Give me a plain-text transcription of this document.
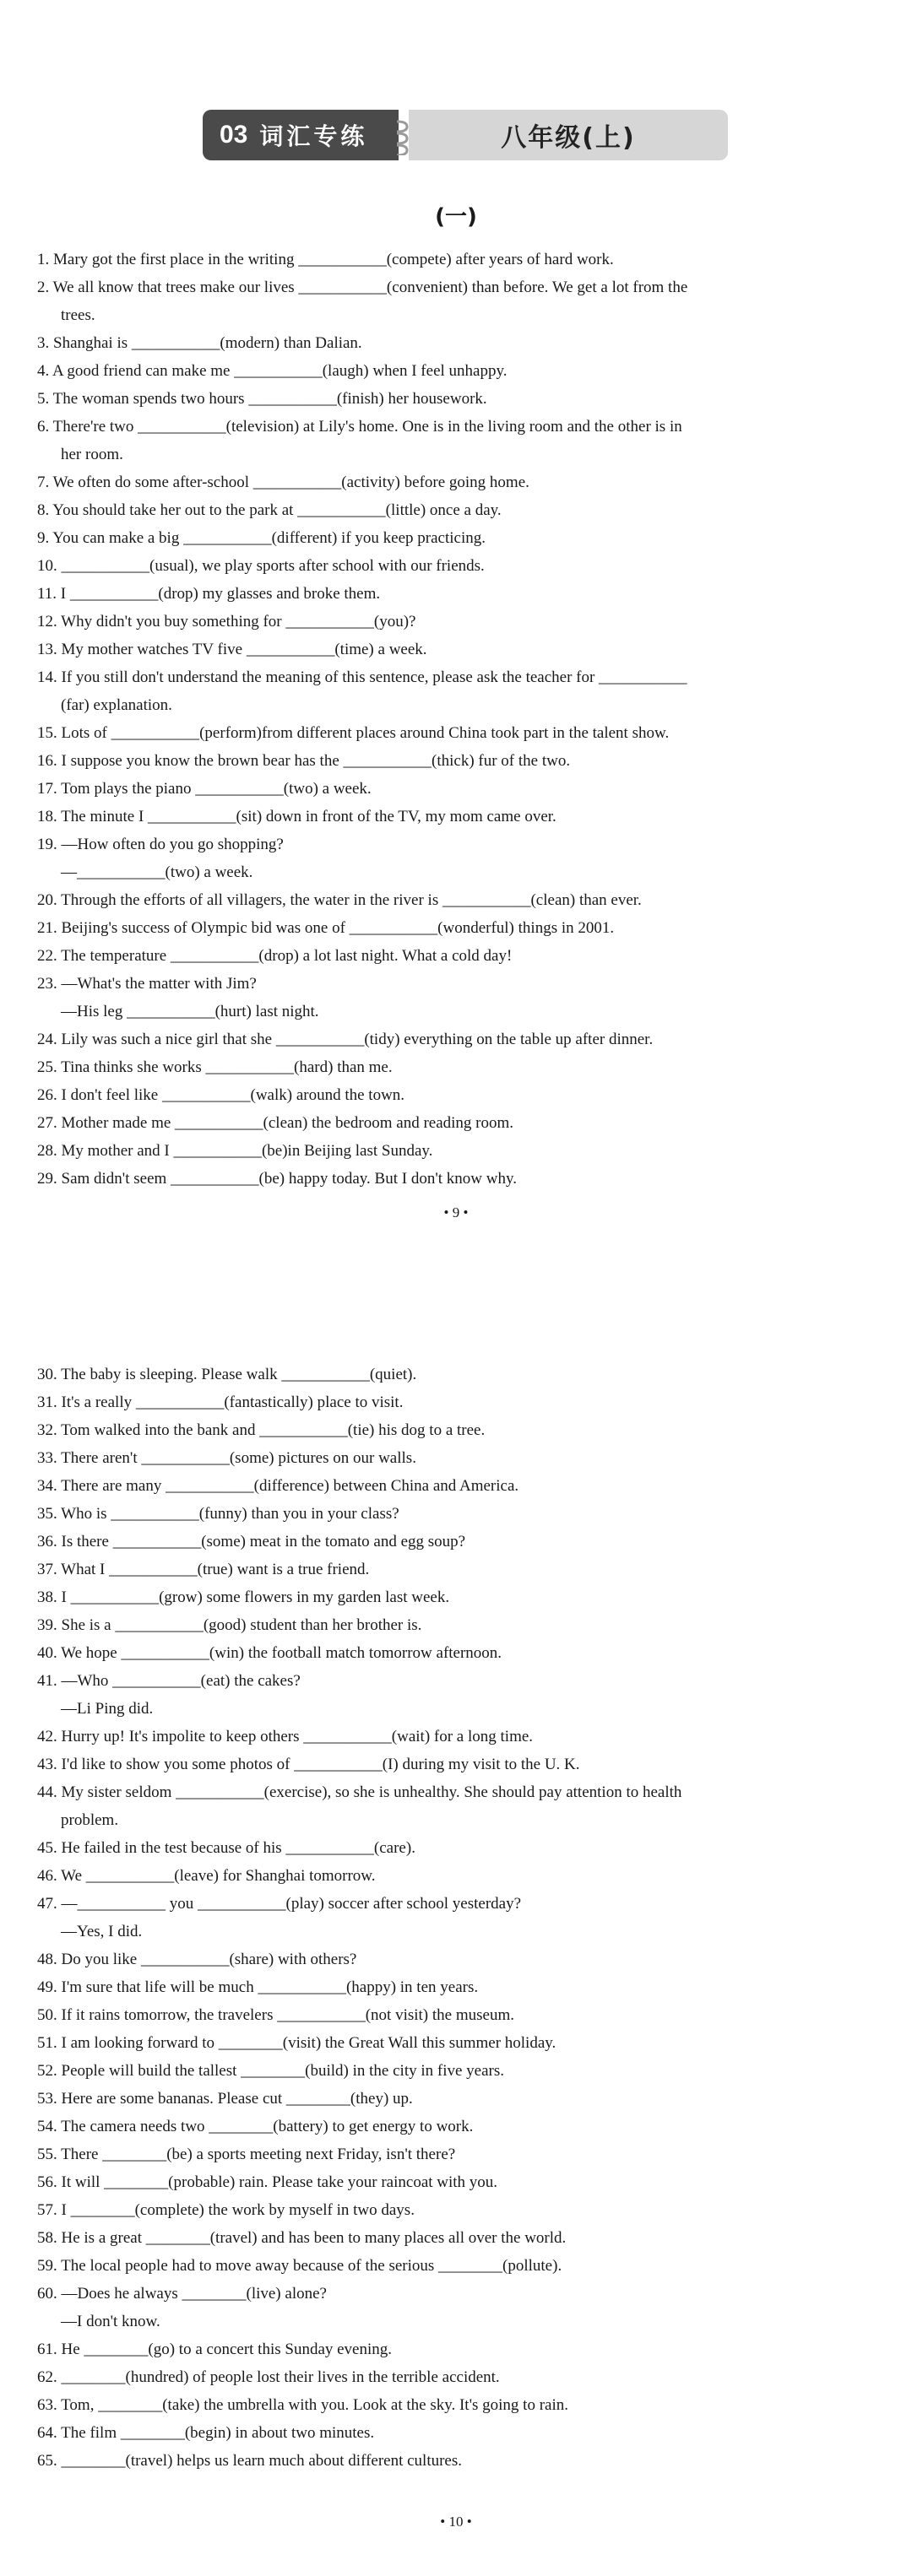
03 词汇专练	八年级(上)
(一)
1. Mary got the first place in the writing ___________(compete) after years of hard work.
2. We all know that trees make our lives ___________(convenient) than before. We get a lot from the
trees.
3. Shanghai is ___________(modern) than Dalian.
4. A good friend can make me ___________(laugh) when I feel unhappy.
5. The woman spends two hours ___________(finish) her housework.
6. There're two ___________(television) at Lily's home. One is in the living room and the other is in
her room.
7. We often do some after-school ___________(activity) before going home.
8. You should take her out to the park at ___________(little) once a day.
9. You can make a big ___________(different) if you keep practicing.
10. ___________(usual), we play sports after school with our friends.
11. I ___________(drop) my glasses and broke them.
12. Why didn't you buy something for ___________(you)?
13. My mother watches TV five ___________(time) a week.
14. If you still don't understand the meaning of this sentence, please ask the teacher for ___________
(far) explanation.
15. Lots of ___________(perform)from different places around China took part in the talent show.
16. I suppose you know the brown bear has the ___________(thick) fur of the two.
17. Tom plays the piano ___________(two) a week.
18. The minute I ___________(sit) down in front of the TV, my mom came over.
19. —How often do you go shopping?
—___________(two) a week.
20. Through the efforts of all villagers, the water in the river is ___________(clean) than ever.
21. Beijing's success of Olympic bid was one of ___________(wonderful) things in 2001.
22. The temperature ___________(drop) a lot last night. What a cold day!
23. —What's the matter with Jim?
—His leg ___________(hurt) last night.
24. Lily was such a nice girl that she ___________(tidy) everything on the table up after dinner.
25. Tina thinks she works ___________(hard) than me.
26. I don't feel like ___________(walk) around the town.
27. Mother made me ___________(clean) the bedroom and reading room.
28. My mother and I ___________(be)in Beijing last Sunday.
29. Sam didn't seem ___________(be) happy today. But I don't know why.
• 9 •
30. The baby is sleeping. Please walk ___________(quiet).
31. It's a really ___________(fantastically) place to visit.
32. Tom walked into the bank and ___________(tie) his dog to a tree.
33. There aren't ___________(some) pictures on our walls.
34. There are many ___________(difference) between China and America.
35. Who is ___________(funny) than you in your class?
36. Is there ___________(some) meat in the tomato and egg soup?
37. What I ___________(true) want is a true friend.
38. I ___________(grow) some flowers in my garden last week.
39. She is a ___________(good) student than her brother is.
40. We hope ___________(win) the football match tomorrow afternoon.
41. —Who ___________(eat) the cakes?
—Li Ping did.
42. Hurry up! It's impolite to keep others ___________(wait) for a long time.
43. I'd like to show you some photos of ___________(I) during my visit to the U. K.
44. My sister seldom ___________(exercise), so she is unhealthy. She should pay attention to health
problem.
45. He failed in the test because of his ___________(care).
46. We ___________(leave) for Shanghai tomorrow.
47. —___________ you ___________(play) soccer after school yesterday?
—Yes, I did.
48. Do you like ___________(share) with others?
49. I'm sure that life will be much ___________(happy) in ten years.
50. If it rains tomorrow, the travelers ___________(not visit) the museum.
51. I am looking forward to ________(visit) the Great Wall this summer holiday.
52. People will build the tallest ________(build) in the city in five years.
53. Here are some bananas. Please cut ________(they) up.
54. The camera needs two ________(battery) to get energy to work.
55. There ________(be) a sports meeting next Friday, isn't there?
56. It will ________(probable) rain. Please take your raincoat with you.
57. I ________(complete) the work by myself in two days.
58. He is a great ________(travel) and has been to many places all over the world.
59. The local people had to move away because of the serious ________(pollute).
60. —Does he always ________(live) alone?
—I don't know.
61. He ________(go) to a concert this Sunday evening.
62. ________(hundred) of people lost their lives in the terrible accident.
63. Tom, ________(take) the umbrella with you. Look at the sky. It's going to rain.
64. The film ________(begin) in about two minutes.
65. ________(travel) helps us learn much about different cultures.
• 10 •
